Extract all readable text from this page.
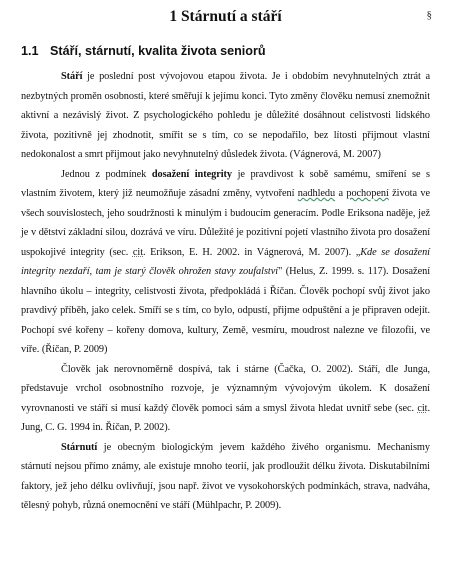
§
1 Stárnutí a stáří
1.1 Stáří, stárnutí, kvalita života seniorů

Stáří je poslední post vývojovou etapou života. Je i obdobím nevyhnutelných ztrát a nezbytných proměn osobnosti, které směřují k jejímu konci. Tyto změny člověku nemusí znemožnit aktivní a nezávislý život. Z psychologického pohledu je důležité dosáhnout celistvosti lidského života, pozitivně jej zhodnotit, smířit se s tím, co se nepodařilo, bez lítosti přijmout vlastní nedokonalost a smrt přijmout jako nevyhnutelný důsledek života. (Vágnerová, M. 2007)

Jednou z podmínek dosažení integrity je pravdivost k sobě samému, smíření se s vlastním životem, který již neumožňuje zásadní změny, vytvoření nadhledu a pochopení života ve všech souvislostech, jeho soudržnosti k minulým i budoucím generacím. Podle Eriksona naděje, jež je v dětství základní silou, dozrává ve víru. Důležité je pozitivní pojetí vlastního života pro dosažení uspokojivé integrity (sec. cit. Erikson, E. H. 2002. in Vágnerová, M. 2007). „Kde se dosažení integrity nezdaří, tam je starý člověk ohrožen stavy zoufalství" (Helus, Z. 1999. s. 117). Dosažení hlavního úkolu – integrity, celistvosti života, předpokládá i Říčan. Člověk pochopí svůj život jako pravdivý příběh, jako celek. Smíří se s tím, co bylo, odpustí, přijme odpuštění a je připraven odejít. Pochopí své kořeny – kořeny domova, kultury, Země, vesmíru, moudrost nalezne ve filozofii, ve víře. (Říčan, P. 2009)

Člověk jak nerovnoměrně dospívá, tak i stárne (Čačka, O. 2002). Stáří, dle Junga, představuje vrchol osobnostního rozvoje, je významným vývojovým úkolem. K dosažení vyrovnanosti ve stáří si musí každý člověk pomoci sám a smysl života hledat uvnitř sebe (sec. cit. Jung, C. G. 1994 in. Říčan, P. 2002).

Stárnutí je obecným biologickým jevem každého živého organismu. Mechanismy stárnutí nejsou přímo známy, ale existuje mnoho teorií, jak prodloužit délku života. Diskutabilními faktory, jež jeho délku ovlivňují, jsou např. život ve vysokohorských podmínkách, strava, nadváha, tělesný pohyb, různá onemocnění ve stáří (Mühlpachr, P. 2009).
